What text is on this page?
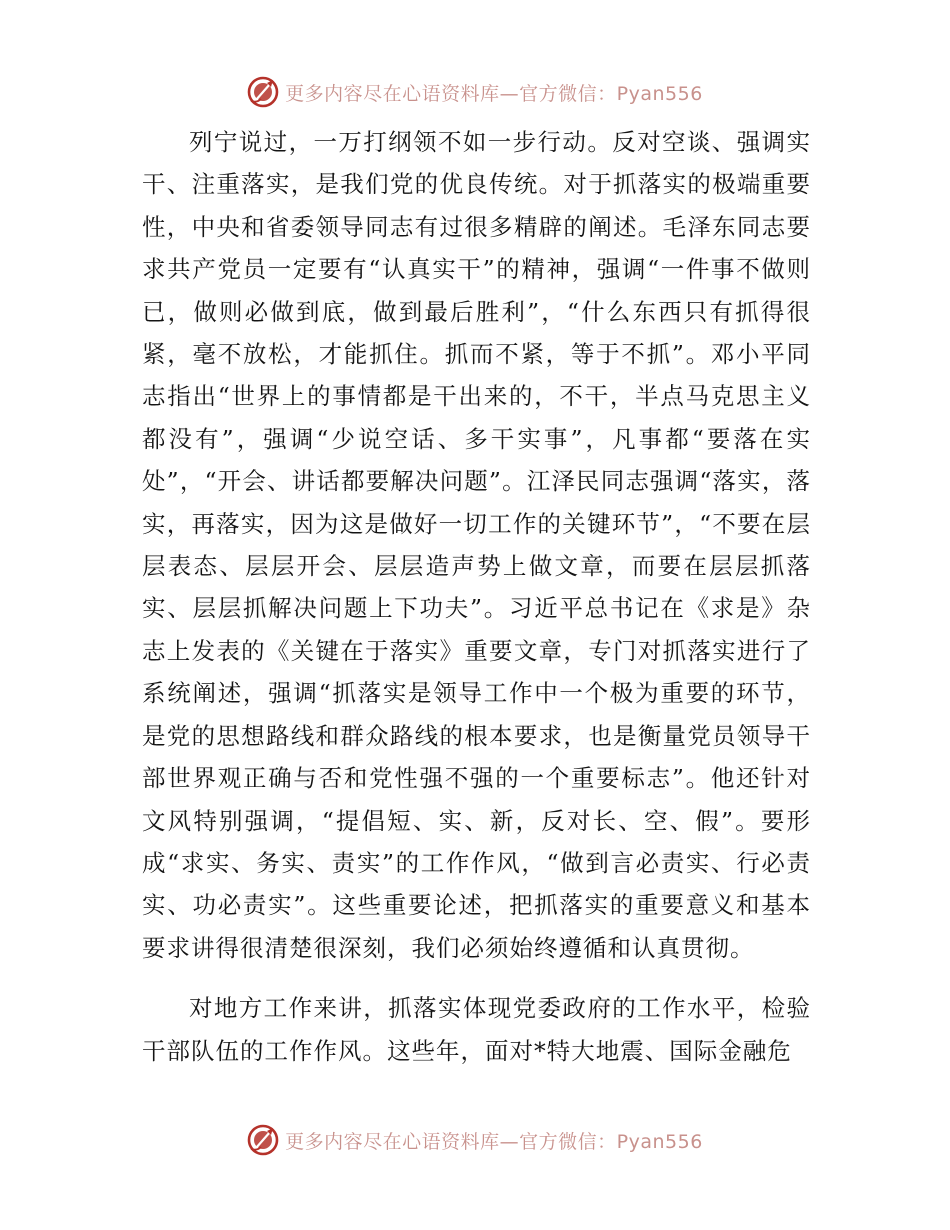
更多内容尽在心语资料库—官方微信：Pyan556

列宁说过，一万打纲领不如一步行动。反对空谈、强调实干、注重落实，是我们党的优良传统。对于抓落实的极端重要性，中央和省委领导同志有过很多精辟的阐述。毛泽东同志要求共产党员一定要有“认真实干”的精神，强调“一件事不做则已，做则必做到底，做到最后胜利”，“什么东西只有抓得很紧，毫不放松，才能抓住。抓而不紧，等于不抓”。邓小平同志指出“世界上的事情都是干出来的，不干，半点马克思主义都没有”，强调“少说空话、多干实事”，凡事都“要落在实处”，“开会、讲话都要解决问题”。江泽民同志强调“落实，落实，再落实，因为这是做好一切工作的关键环节”，“不要在层层表态、层层开会、层层造声势上做文章，而要在层层抓落实、层层抓解决问题上下功夫”。习近平总书记在《求是》杂志上发表的《关键在于落实》重要文章，专门对抓落实进行了系统阐述，强调“抓落实是领导工作中一个极为重要的环节，是党的思想路线和群众路线的根本要求，也是衡量党员领导干部世界观正确与否和党性强不强的一个重要标志”。他还针对文风特别强调，“提倡短、实、新，反对长、空、假”。要形成“求实、务实、责实”的工作作风，“做到言必责实、行必责实、功必责实”。这些重要论述，把抓落实的重要意义和基本要求讲得很清楚很深刻，我们必须始终遵循和认真贯彻。

对地方工作来讲，抓落实体现党委政府的工作水平，检验干部队伍的工作作风。这些年，面对*特大地震、国际金融危

更多内容尽在心语资料库—官方微信：Pyan556
